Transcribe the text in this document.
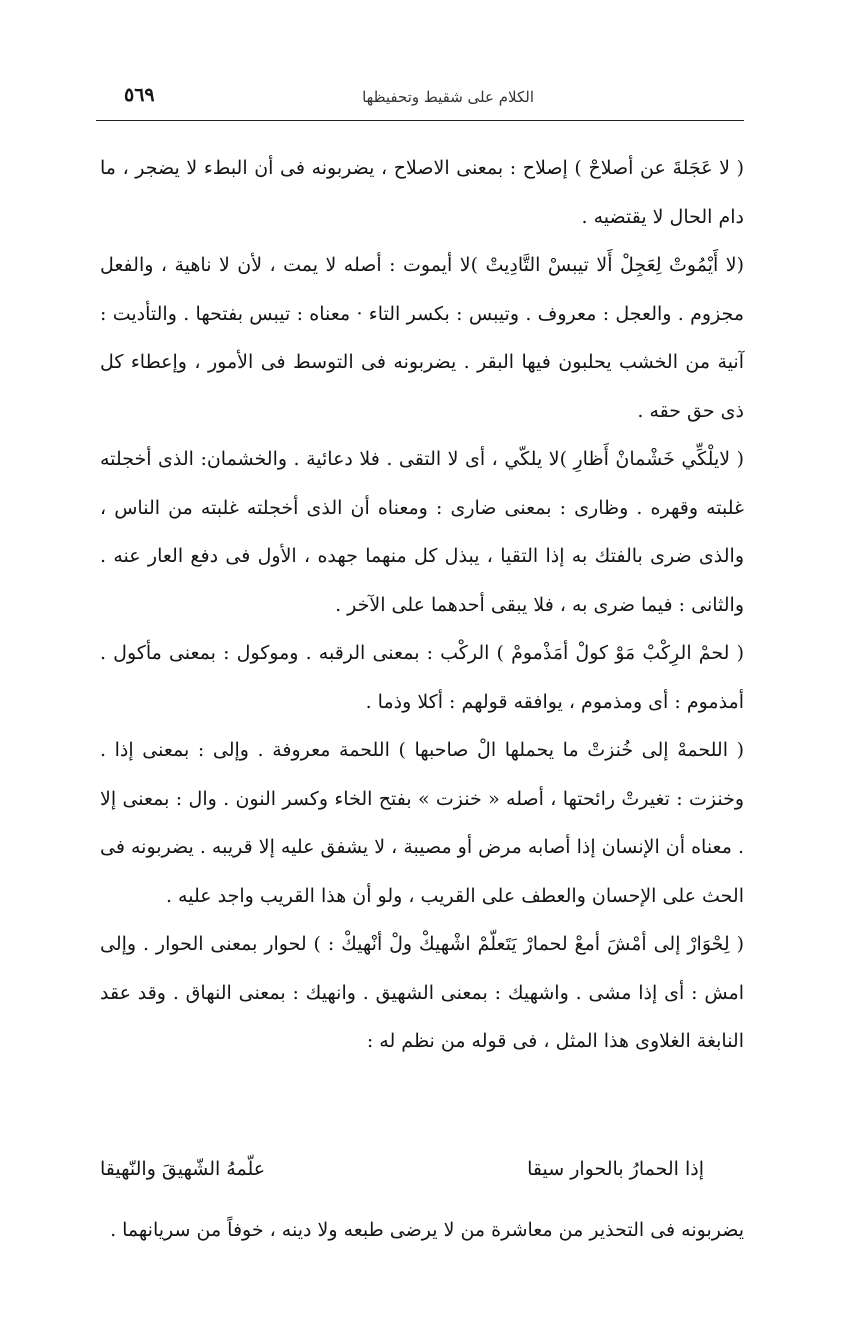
الكلام على شقيط وتحفيظها
٥٦٩

( لا عَجَلةَ عن أصلاحْ ) إصلاح : بمعنى الاصلاح ، يضربونه فى أن البطء لا يضجر ، ما دام الحال لا يقتضيه .

(لا أَيْمُوتْ لِعَجِلْ أَلا تيبسْ التَّادِيتْ )لا أيموت : أصله لا يمت ، لأن لا ناهية ، والفعل مجزوم . والعجل : معروف . وتيبس : بكسر التاء · معناه : تيبس بفتحها . والتأديت : آنية من الخشب يحلبون فيها البقر . يضربونه فى التوسط فى الأمور ، وإعطاء كل ذى حق حقه .

( لايلْكِّي خَشْمانْ أَظارِ )لا يلكّي ، أى لا التقى . فلا دعائية . والخشمان: الذى أخجلته غلبته وقهره . وظارى : بمعنى ضارى : ومعناه أن الذى أخجلته غلبته من الناس ، والذى ضرى بالفتك به إذا التقيا ، يبذل كل منهما جهده ، الأول فى دفع العار عنه . والثانى : فيما ضرى به ، فلا يبقى أحدهما على الآخر .

( لحمْ الرِكْبْ مَوْ كولْ أمَذْمومْ ) الركْب : بمعنى الرقبه . وموكول : بمعنى مأكول . أمذموم : أى ومذموم ، يوافقه قولهم : أكلا وذما .

( اللحمهْ إلى خُنزتْ ما يحملها الْ صاحبها ) اللحمة معروفة . وإلى : بمعنى إذا . وخنزت : تغيرتْ رائحتها ، أصله « خنزت » بفتح الخاء وكسر النون . وال : بمعنى إلا . معناه أن الإنسان إذا أصابه مرض أو مصيبة ، لا يشفق عليه إلا قريبه . يضربونه فى الحث على الإحسان والعطف على القريب ، ولو أن هذا القريب واجد عليه .

( لِحْوَارْ إلى أمْشَ أمعْ لحمارْ يَتَعلّمْ اشْهيكْ ولْ أنْهيكْ : ) لحوار بمعنى الحوار . وإلى امش : أى إذا مشى . واشهيك : بمعنى الشهيق . وانهيك : بمعنى النهاق . وقد عقد النابغة الغلاوى هذا المثل ، فى قوله من نظم له :

إذا الحمارُ بالحوار سيقا
علّمهُ الشّهيقَ والنّهيقا

يضربونه فى التحذير من معاشرة من لا يرضى طبعه ولا دينه ، خوفاً من سريانهما .
